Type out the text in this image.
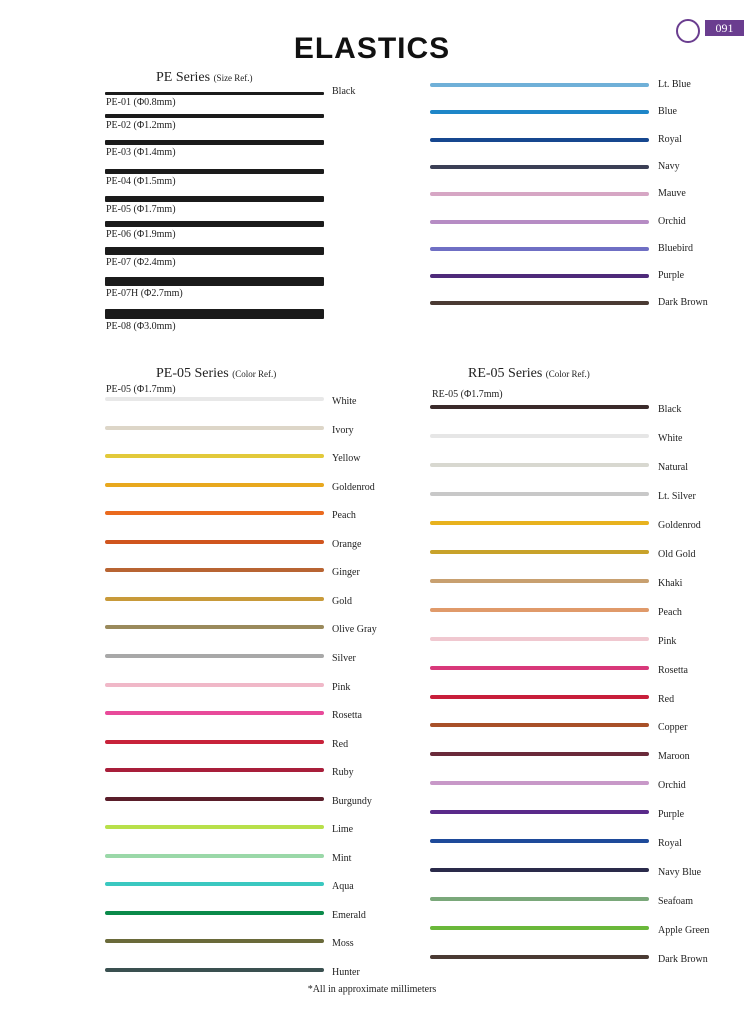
ELASTICS
091
PE Series (Size Ref.)
Black
PE-01 (Φ0.8mm)
PE-02 (Φ1.2mm)
PE-03 (Φ1.4mm)
PE-04 (Φ1.5mm)
PE-05 (Φ1.7mm)
PE-06 (Φ1.9mm)
PE-07 (Φ2.4mm)
PE-07H (Φ2.7mm)
PE-08 (Φ3.0mm)
Lt. Blue
Blue
Royal
Navy
Mauve
Orchid
Bluebird
Purple
Dark Brown
PE-05 Series (Color Ref.)
PE-05 (Φ1.7mm)
White
Ivory
Yellow
Goldenrod
Peach
Orange
Ginger
Gold
Olive Gray
Silver
Pink
Rosetta
Red
Ruby
Burgundy
Lime
Mint
Aqua
Emerald
Moss
Hunter
RE-05 Series (Color Ref.)
RE-05 (Φ1.7mm)
Black
White
Natural
Lt. Silver
Goldenrod
Old Gold
Khaki
Peach
Pink
Rosetta
Red
Copper
Maroon
Orchid
Purple
Royal
Navy Blue
Seafoam
Apple Green
Dark Brown
*All in approximate millimeters
